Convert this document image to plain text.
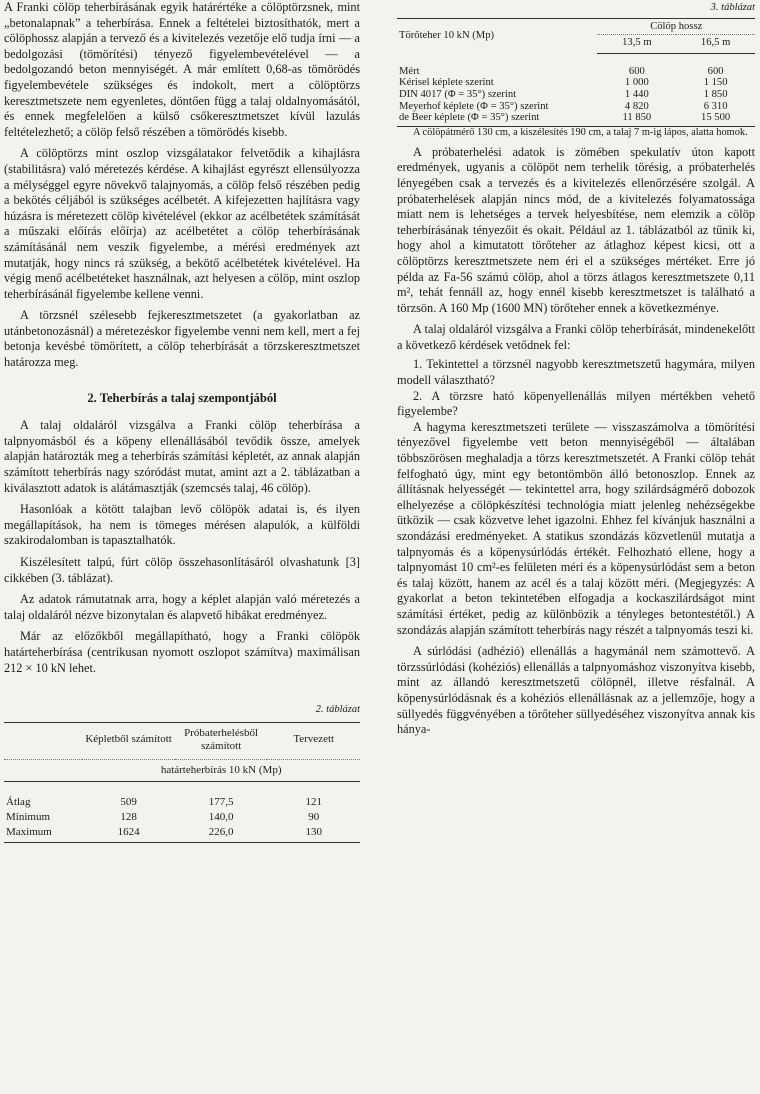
A Franki cölöp teherbírásának egyik határértéke a cölöptörzsnek, mint „betonalapnak” a teherbírása. Ennek a feltételei biztosíthatók, mert a cölöphossz alapján a tervező és a kivitelezés vezetője elő tudja írni — a bedolgozási (tömörítési) tényező figyelembevételével — a bedolgozandó beton mennyiségét. A már említett 0,68-as tömörödés figyelembevétele szükséges és indokolt, mert a cölöptörzs keresztmetszete nem egyenletes, döntően függ a talaj oldalnyomásától, és ennek megfelelően a külső csőkeresztmetszet kívül lazulás feltételezhető; a cölöp felső részében a tömörödés kisebb.

A cölöptörzs mint oszlop vizsgálatakor felvetődik a kihajlásra (stabilitásra) való méretezés kérdése. A kihajlást egyrészt ellensúlyozza a mélységgel egyre növekvő talajnyomás, a cölöp felső részében pedig a bekötés céljából is szükséges acélbetét. A kifejezetten hajlításra vagy húzásra is méretezett cölöp kivételével (ekkor az acélbetétek számítását a műszaki előírás előírja) az acélbetétet a cölöp teherbírásának számításánál nem veszik figyelembe, a mérési eredmények azt mutatják, hogy nincs rá szükség, a bekötő acélbetétek kivételével. Ha végig menő acélbetéteket használnak, azt helyesen a cölöp, mint oszlop teherbírásánál figyelembe kellene venni.

A törzsnél szélesebb fejkeresztmetszetet (a gyakorlatban az utánbetonozásnál) a méretezéskor figyelembe venni nem kell, mert a fej betonja kevésbé tömörített, a cölöp teherbírását a törzskeresztmetszet határozza meg.

2. Teherbírás a talaj szempontjából

A talaj oldaláról vizsgálva a Franki cölöp teherbírása a talpnyomásból és a köpeny ellenállásából tevődik össze, amelyek alapján határozták meg a teherbírás számítási képletét, az annak alapján számított teherbírás nagy szóródást mutat, amint azt a 2. táblázatban a kiválasztott adatok is alátámasztják (szemcsés talaj, 46 cölöp).

Hasonlóak a kötött talajban levő cölöpök adatai is, és ilyen megállapítások, ha nem is tömeges mérésen alapulók, a külföldi szakirodalomban is tapasztalhatók.

Kiszélesített talpú, fúrt cölöp összehasonlításáról olvashatunk [3] cikkében (3. táblázat).

Az adatok rámutatnak arra, hogy a képlet alapján való méretezés a talaj oldaláról nézve bizonytalan és alapvető hibákat eredményez.

Már az előzőkből megállapítható, hogy a Franki cölöpök határteherbírása (centrikusan nyomott oszlopot számítva) maximálisan 212 × 10 kN lehet.

2. táblázat
	Képletből számított	Próbaterhelésből számított	Tervezett
	határteherbírás 10 kN (Mp)		
Átlag	509	177,5	121
Minimum	128	140,0	90
Maximum	1624	226,0	130
3. táblázat
Törőteher 10 kN (Mp)	Cölöp hossz	
	13,5 m	16,5 m
Mért	600	600
Kérisel képlete szerint	1 000	1 150
DIN 4017 (Φ = 35°) szerint	1 440	1 850
Meyerhof képlete (Φ = 35°) szerint	4 820	6 310
de Beer képlete (Φ = 35°) szerint	11 850	15 500

A cölöpátmérő 130 cm, a kiszélesítés 190 cm, a talaj 7 m-ig lápos, alatta homok.

A próbaterhelési adatok is zömében spekulatív úton kapott eredmények, ugyanis a cölöpöt nem terhelik törésig, a próbaterhelés lényegében csak a tervezés és a kivitelezés ellenőrzésére szolgál. A próbaterhelések alapján nincs mód, de a kivitelezés folyamatossága miatt nem is lehetséges a tervek helyesbítése, nem elemzik a cölöp teherbírásának tényezőit és okait. Például az 1. táblázatból az tűnik ki, hogy ahol a kimutatott törőteher az átlaghoz képest kicsi, ott a cölöptörzs keresztmetszete nem éri el a szükséges mértéket. Erre jó példa az Fa-56 számú cölöp, ahol a törzs átlagos keresztmetszete 0,11 m², tehát fennáll az, hogy ennél kisebb keresztmetszet is található a törzsön. A 160 Mp (1600 MN) törőteher ennek a következménye.

A talaj oldaláról vizsgálva a Franki cölöp teherbírását, mindenekelőtt a következő kérdések vetődnek fel:

1. Tekintettel a törzsnél nagyobb keresztmetszetű hagymára, milyen modell választható?

2. A törzsre ható köpenyellenállás milyen mértékben vehető figyelembe?

A hagyma keresztmetszeti területe — visszaszámolva a tömörítési tényezővel figyelembe vett beton mennyiségéből — általában többszörösen meghaladja a törzs keresztmetszetét. A Franki cölöp tehát felfogható úgy, mint egy betontömbön álló betonoszlop. Ennek az állításnak helyességét — tekintettel arra, hogy szilárdságmérő dobozok elhelyezése a cölöpkészítési technológia miatt jelenleg nehézségekbe ütközik — csak közvetve lehet igazolni. Ehhez fel kívánjuk használni a szondázási eredményeket. A statikus szondázás közvetlenül mutatja a talpnyomás és a köpenysúrlódás értékét. Felhozható ellene, hogy a talpnyomást 10 cm²-es felületen méri és a köpenysúrlódást sem a beton és talaj között, hanem az acél és a talaj között méri. (Megjegyzés: A gyakorlat a beton tekintetében elfogadja a kockaszilárdságot mint számítási értéket, pedig az különbözik a tényleges betontestétől.) A szondázás alapján számított teherbírás nagy részét a talpnyomás teszi ki.

A súrlódási (adhézió) ellenállás a hagymánál nem számottevő. A törzssúrlódási (kohéziós) ellenállás a talpnyomáshoz viszonyítva kisebb, mint az állandó keresztmetszetű cölöpnél, illetve résfalnál. A köpenysúrlódásnak és a kohéziós ellenállásnak az a jellemzője, hogy a süllyedés függvényében a törőteher süllyedéséhez viszonyítva annak kis hánya-
